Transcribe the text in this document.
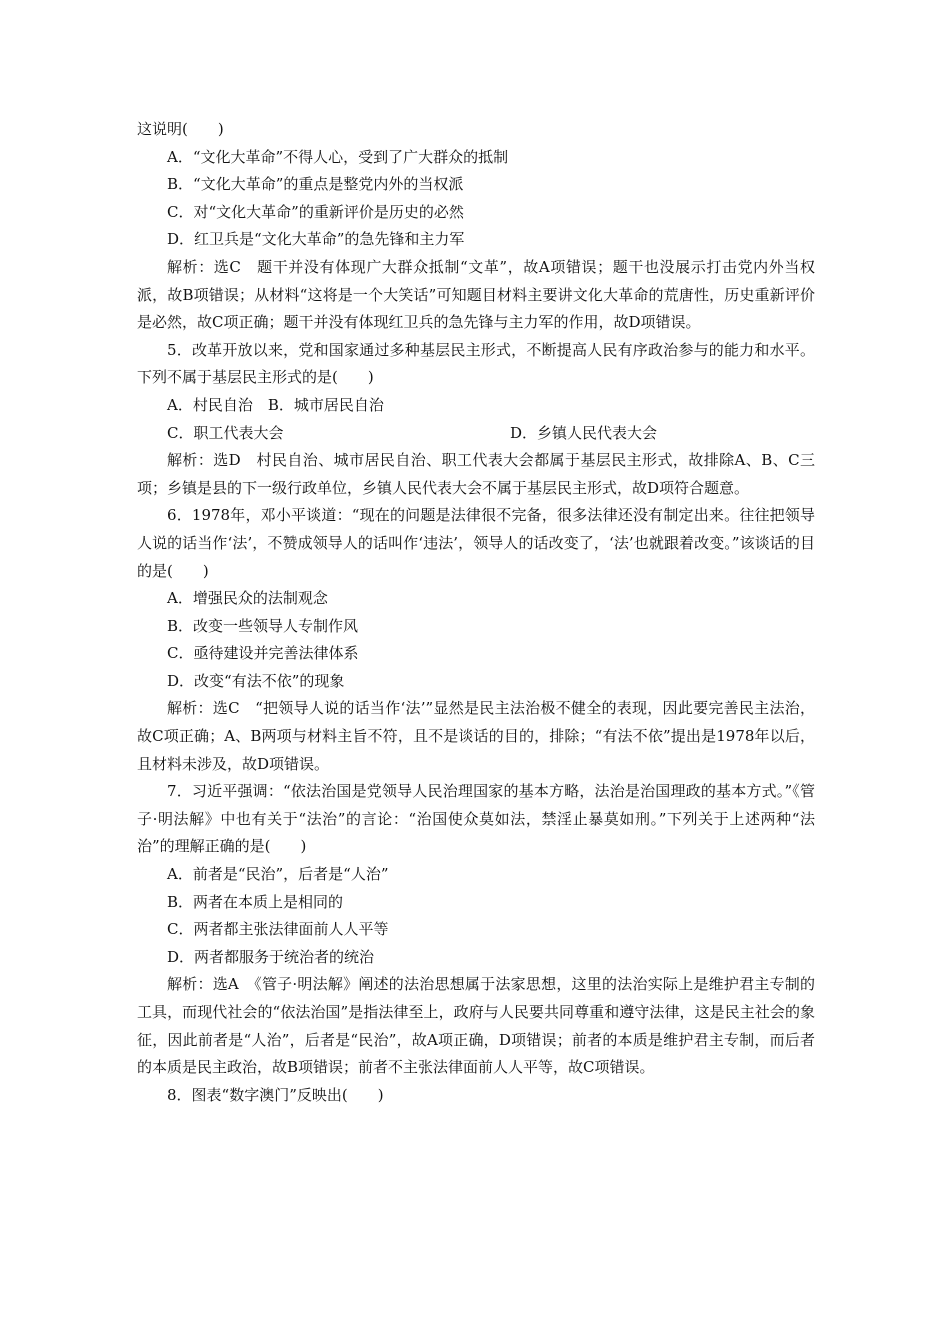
这说明(　　)
A．“文化大革命”不得人心，受到了广大群众的抵制
B．“文化大革命”的重点是整党内外的当权派
C．对“文化大革命”的重新评价是历史的必然
D．红卫兵是“文化大革命”的急先锋和主力军
解析：选C　题干并没有体现广大群众抵制“文革”，故A项错误；题干也没展示打击党内外当权派，故B项错误；从材料“这将是一个大笑话”可知题目材料主要讲文化大革命的荒唐性，历史重新评价是必然，故C项正确；题干并没有体现红卫兵的急先锋与主力军的作用，故D项错误。
5．改革开放以来，党和国家通过多种基层民主形式，不断提高人民有序政治参与的能力和水平。下列不属于基层民主形式的是(　　)
A．村民自治　B．城市居民自治
C．职工代表大会	D．乡镇人民代表大会
解析：选D　村民自治、城市居民自治、职工代表大会都属于基层民主形式，故排除A、B、C三项；乡镇是县的下一级行政单位，乡镇人民代表大会不属于基层民主形式，故D项符合题意。
6．1978年，邓小平谈道：“现在的问题是法律很不完备，很多法律还没有制定出来。往往把领导人说的话当作‘法’，不赞成领导人的话叫作‘违法’，领导人的话改变了，‘法’也就跟着改变。”该谈话的目的是(　　)
A．增强民众的法制观念
B．改变一些领导人专制作风
C．亟待建设并完善法律体系
D．改变“有法不依”的现象
解析：选C　“把领导人说的话当作‘法’”显然是民主法治极不健全的表现，因此要完善民主法治，故C项正确；A、B两项与材料主旨不符，且不是谈话的目的，排除；“有法不依”提出是1978年以后，且材料未涉及，故D项错误。
7．习近平强调：“依法治国是党领导人民治理国家的基本方略，法治是治国理政的基本方式。”《管子·明法解》中也有关于“法治”的言论：“治国使众莫如法，禁淫止暴莫如刑。”下列关于上述两种“法治”的理解正确的是(　　)
A．前者是“民治”，后者是“人治”
B．两者在本质上是相同的
C．两者都主张法律面前人人平等
D．两者都服务于统治者的统治
解析：选A　《管子·明法解》阐述的法治思想属于法家思想，这里的法治实际上是维护君主专制的工具，而现代社会的“依法治国”是指法律至上，政府与人民要共同尊重和遵守法律，这是民主社会的象征，因此前者是“人治”，后者是“民治”，故A项正确，D项错误；前者的本质是维护君主专制，而后者的本质是民主政治，故B项错误；前者不主张法律面前人人平等，故C项错误。
8．图表“数字澳门”反映出(　　)
